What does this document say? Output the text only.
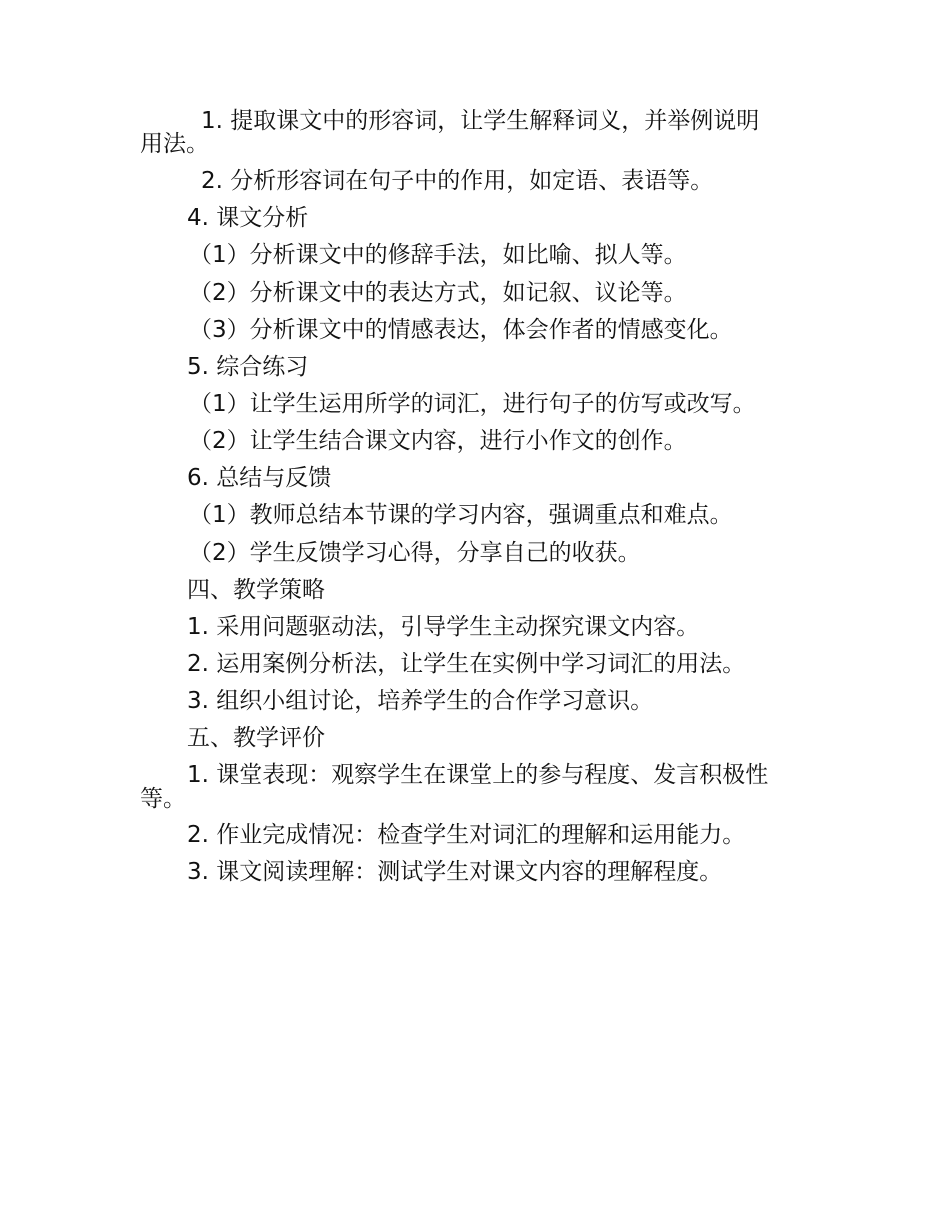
1. 提取课文中的形容词，让学生解释词义，并举例说明
用法。
2. 分析形容词在句子中的作用，如定语、表语等。
4. 课文分析
（1）分析课文中的修辞手法，如比喻、拟人等。
（2）分析课文中的表达方式，如记叙、议论等。
（3）分析课文中的情感表达，体会作者的情感变化。
5. 综合练习
（1）让学生运用所学的词汇，进行句子的仿写或改写。
（2）让学生结合课文内容，进行小作文的创作。
6. 总结与反馈
（1）教师总结本节课的学习内容，强调重点和难点。
（2）学生反馈学习心得，分享自己的收获。
四、教学策略
1. 采用问题驱动法，引导学生主动探究课文内容。
2. 运用案例分析法，让学生在实例中学习词汇的用法。
3. 组织小组讨论，培养学生的合作学习意识。
五、教学评价
1. 课堂表现：观察学生在课堂上的参与程度、发言积极性
等。
2. 作业完成情况：检查学生对词汇的理解和运用能力。
3. 课文阅读理解：测试学生对课文内容的理解程度。
